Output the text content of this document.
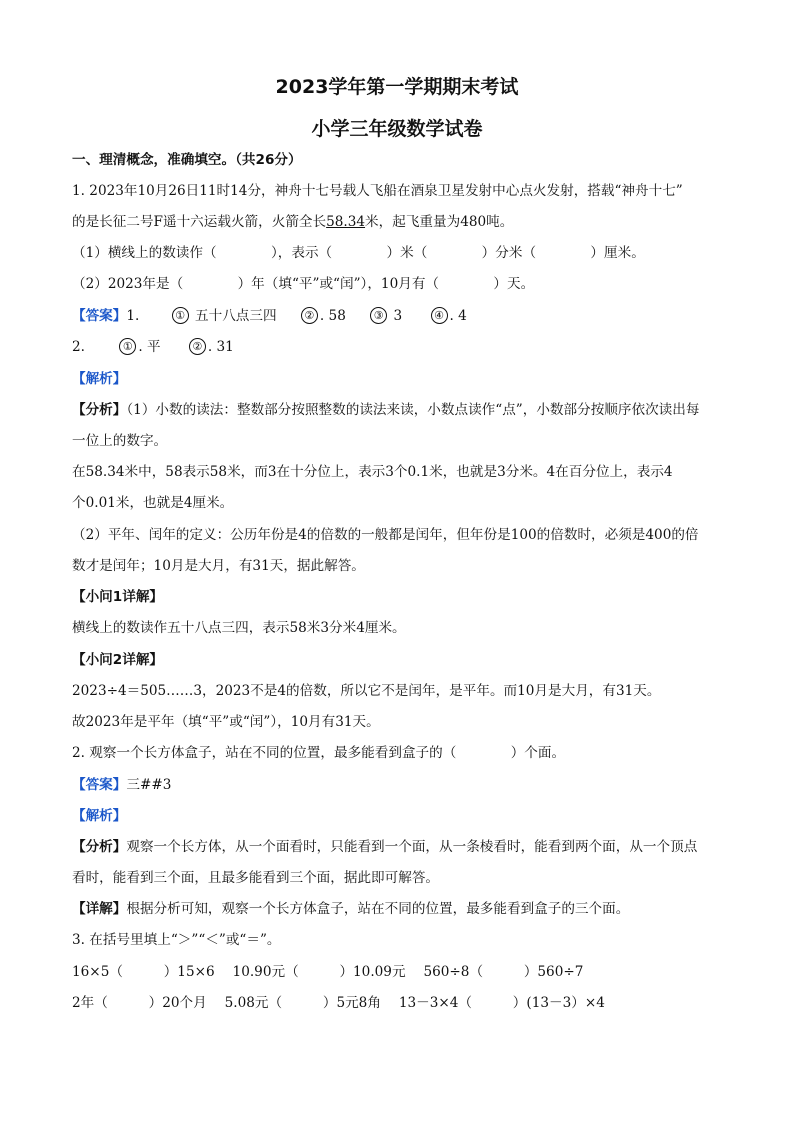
2023学年第一学期期末考试
小学三年级数学试卷
一、理清概念，准确填空。（共26分）
1. 2023年10月26日11时14分，神舟十七号载人飞船在酒泉卫星发射中心点火发射，搭载“神舟十七”
的是长征二号F遥十六运载火箭，火箭全长58.34米，起飞重量为480吨。
（1）横线上的数读作（　　　　），表示（　　　　）米（　　　　）分米（　　　　）厘米。
（2）2023年是（　　　　）年（填“平”或“闰”），10月有（　　　　）天。
【答案】1.	① 五十八点三四	② . 58	③ 3	④ . 4
2.	① . 平	② . 31
【解析】
【分析】（1）小数的读法：整数部分按照整数的读法来读，小数点读作“点”，小数部分按顺序依次读出每
一位上的数字。
在58.34米中，58表示58米，而3在十分位上，表示3个0.1米，也就是3分米。4在百分位上，表示4
个0.01米，也就是4厘米。
（2）平年、闰年的定义：公历年份是4的倍数的一般都是闰年，但年份是100的倍数时，必须是400的倍
数才是闰年；10月是大月，有31天，据此解答。
【小问1详解】
横线上的数读作五十八点三四，表示58米3分米4厘米。
【小问2详解】
2023÷4＝505……3，2023不是4的倍数，所以它不是闰年，是平年。而10月是大月，有31天。
故2023年是平年（填“平”或“闰”），10月有31天。
2. 观察一个长方体盒子，站在不同的位置，最多能看到盒子的（　　　　）个面。
【答案】三##3
【解析】
【分析】观察一个长方体，从一个面看时，只能看到一个面，从一条棱看时，能看到两个面，从一个顶点
看时，能看到三个面，且最多能看到三个面，据此即可解答。
【详解】根据分析可知，观察一个长方体盒子，站在不同的位置，最多能看到盒子的三个面。
3. 在括号里填上“＞”“＜”或“＝”。
16×5（　　　）15×6　 10.90元（　　　）10.09元　 560÷8（　　　）560÷7
2年（　　　）20个月　 5.08元（　　　）5元8角　 13－3×4（　　　）(13－3）×4
